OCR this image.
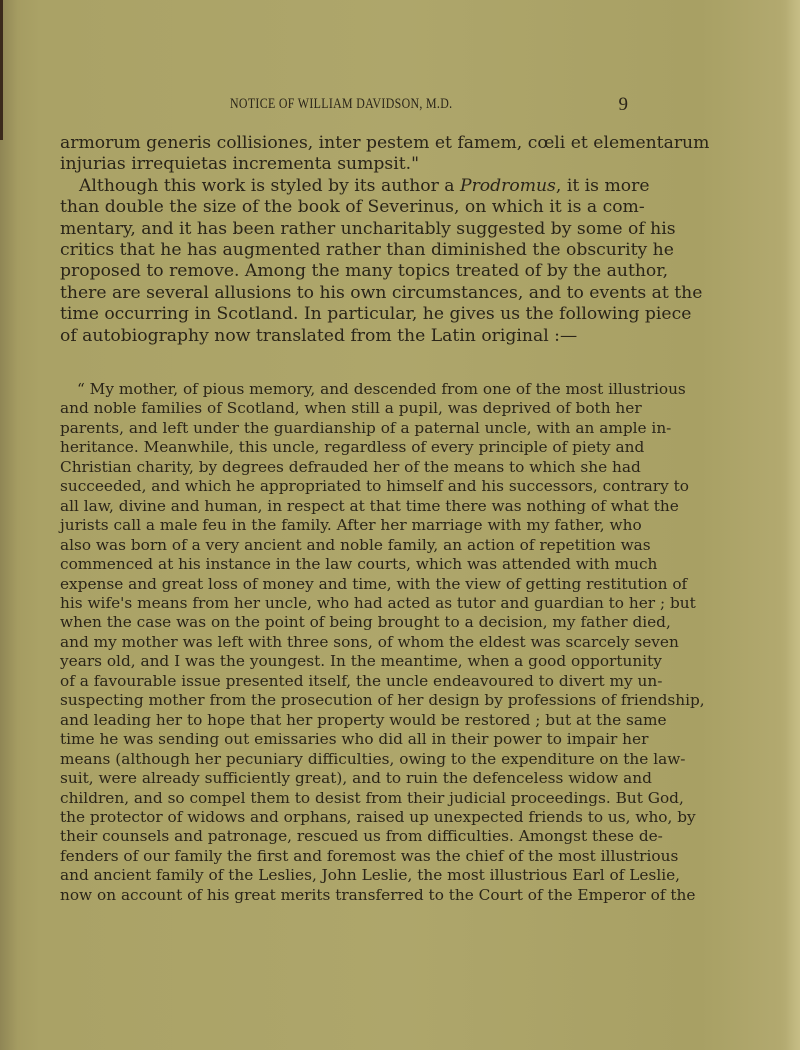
NOTICE OF WILLIAM DAVIDSON, M.D.	9
armorum generis collisiones, inter pestem et famem, cœli et elementarum
injurias irrequietas incrementa sumpsit."
Although this work is styled by its author a Prodromus, it is more
than double the size of the book of Severinus, on which it is a com-
mentary, and it has been rather uncharitably suggested by some of his
critics that he has augmented rather than diminished the obscurity he
proposed to remove. Among the many topics treated of by the author,
there are several allusions to his own circumstances, and to events at the
time occurring in Scotland. In particular, he gives us the following piece
of autobiography now translated from the Latin original :—
“ My mother, of pious memory, and descended from one of the most illustrious
and noble families of Scotland, when still a pupil, was deprived of both her
parents, and left under the guardianship of a paternal uncle, with an ample in-
heritance. Meanwhile, this uncle, regardless of every principle of piety and
Christian charity, by degrees defrauded her of the means to which she had
succeeded, and which he appropriated to himself and his successors, contrary to
all law, divine and human, in respect at that time there was nothing of what the
jurists call a male feu in the family. After her marriage with my father, who
also was born of a very ancient and noble family, an action of repetition was
commenced at his instance in the law courts, which was attended with much
expense and great loss of money and time, with the view of getting restitution of
his wife's means from her uncle, who had acted as tutor and guardian to her ; but
when the case was on the point of being brought to a decision, my father died,
and my mother was left with three sons, of whom the eldest was scarcely seven
years old, and I was the youngest. In the meantime, when a good opportunity
of a favourable issue presented itself, the uncle endeavoured to divert my un-
suspecting mother from the prosecution of her design by professions of friendship,
and leading her to hope that her property would be restored ; but at the same
time he was sending out emissaries who did all in their power to impair her
means (although her pecuniary difficulties, owing to the expenditure on the law-
suit, were already sufficiently great), and to ruin the defenceless widow and
children, and so compel them to desist from their judicial proceedings. But God,
the protector of widows and orphans, raised up unexpected friends to us, who, by
their counsels and patronage, rescued us from difficulties. Amongst these de-
fenders of our family the first and foremost was the chief of the most illustrious
and ancient family of the Leslies, John Leslie, the most illustrious Earl of Leslie,
now on account of his great merits transferred to the Court of the Emperor of the
